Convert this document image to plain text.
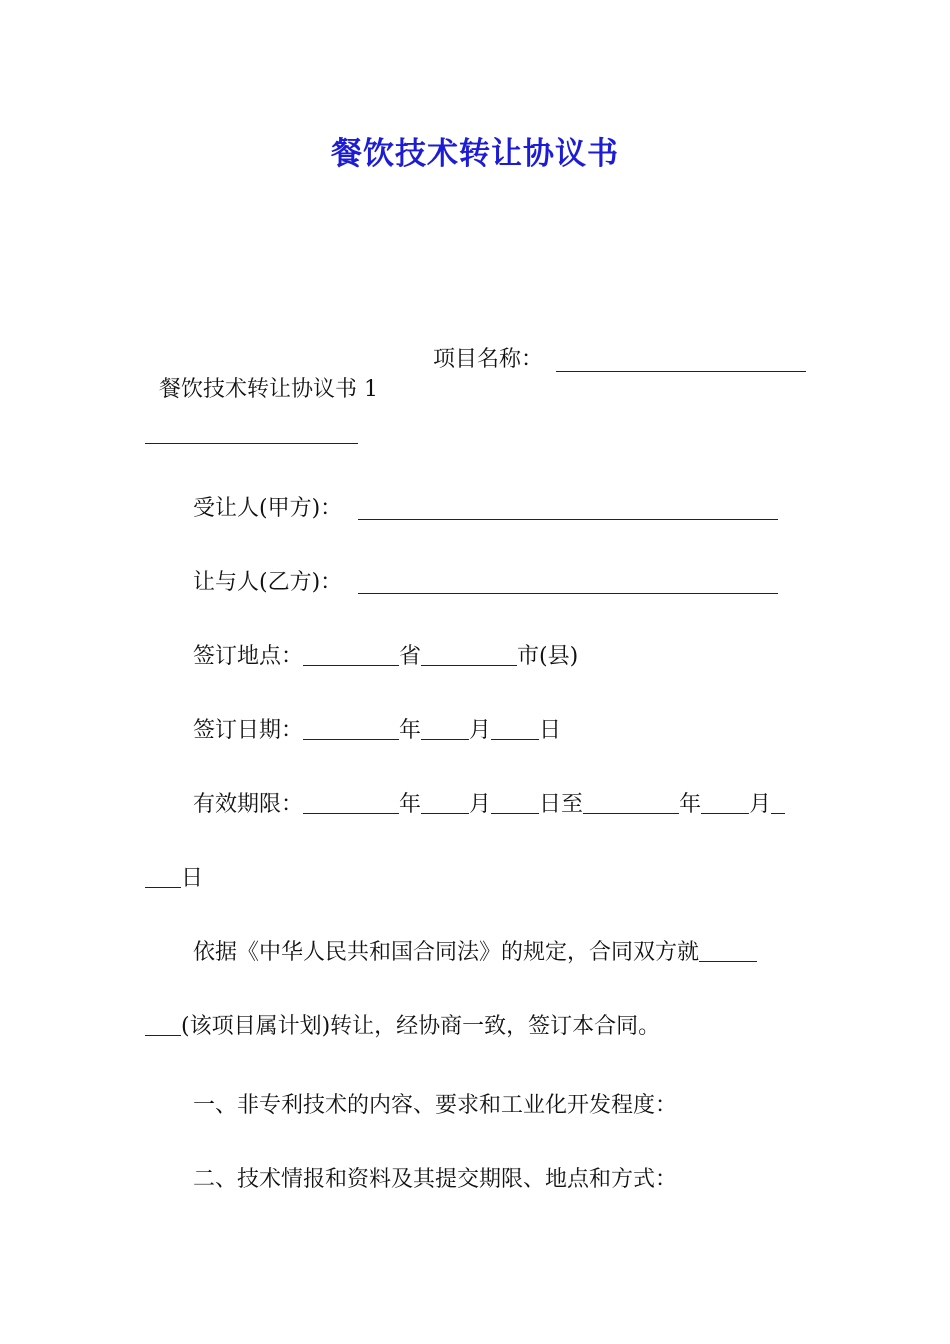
餐饮技术转让协议书

餐饮技术转让协议书 1

项目名称：
受让人(甲方)：
让与人(乙方)：
签订地点：	省	市(县)
签订日期：	年 月 日
有效期限：	年 月 日至	年 月
日
依据《中华人民共和国合同法》的规定，合同双方就
(该项目属计划)转让，经协商一致，签订本合同。
一、非专利技术的内容、要求和工业化开发程度：
二、技术情报和资料及其提交期限、地点和方式：
